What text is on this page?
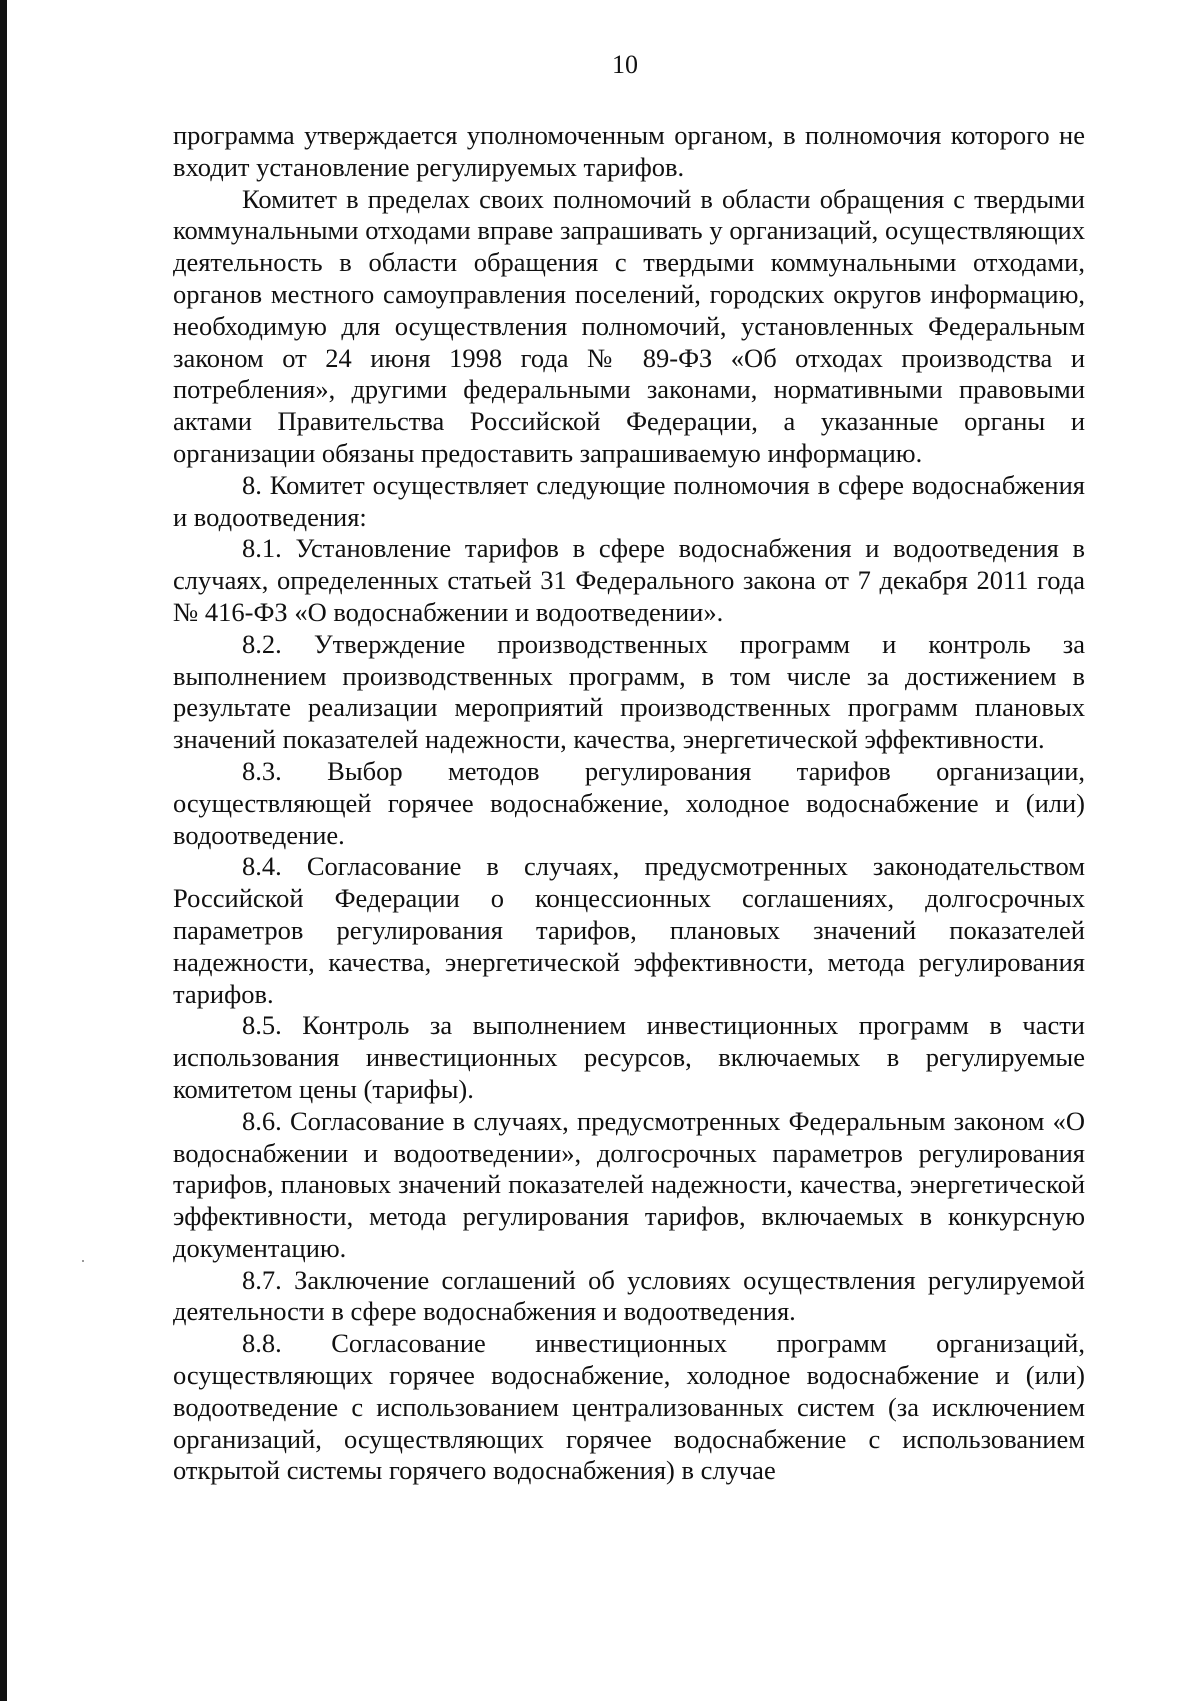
10

программа утверждается уполномоченным органом, в полномочия которого не входит установление регулируемых тарифов.

Комитет в пределах своих полномочий в области обращения с твердыми коммунальными отходами вправе запрашивать у организаций, осуществляющих деятельность в области обращения с твердыми коммунальными отходами, органов местного самоуправления поселений, городских округов информацию, необходимую для осуществления полномочий, установленных Федеральным законом от 24 июня 1998 года № 89-ФЗ «Об отходах производства и потребления», другими федеральными законами, нормативными правовыми актами Правительства Российской Федерации, а указанные органы и организации обязаны предоставить запрашиваемую информацию.

8. Комитет осуществляет следующие полномочия в сфере водоснабжения и водоотведения:

8.1. Установление тарифов в сфере водоснабжения и водоотведения в случаях, определенных статьей 31 Федерального закона от 7 декабря 2011 года № 416-ФЗ «О водоснабжении и водоотведении».

8.2. Утверждение производственных программ и контроль за выполнением производственных программ, в том числе за достижением в результате реализации мероприятий производственных программ плановых значений показателей надежности, качества, энергетической эффективности.

8.3. Выбор методов регулирования тарифов организации, осуществляющей горячее водоснабжение, холодное водоснабжение и (или) водоотведение.

8.4. Согласование в случаях, предусмотренных законодательством Российской Федерации о концессионных соглашениях, долгосрочных параметров регулирования тарифов, плановых значений показателей надежности, качества, энергетической эффективности, метода регулирования тарифов.

8.5. Контроль за выполнением инвестиционных программ в части использования инвестиционных ресурсов, включаемых в регулируемые комитетом цены (тарифы).

8.6. Согласование в случаях, предусмотренных Федеральным законом «О водоснабжении и водоотведении», долгосрочных параметров регулирования тарифов, плановых значений показателей надежности, качества, энергетической эффективности, метода регулирования тарифов, включаемых в конкурсную документацию.

8.7. Заключение соглашений об условиях осуществления регулируемой деятельности в сфере водоснабжения и водоотведения.

8.8. Согласование инвестиционных программ организаций, осуществляющих горячее водоснабжение, холодное водоснабжение и (или) водоотведение с использованием централизованных систем (за исключением организаций, осуществляющих горячее водоснабжение с использованием открытой системы горячего водоснабжения) в случае
